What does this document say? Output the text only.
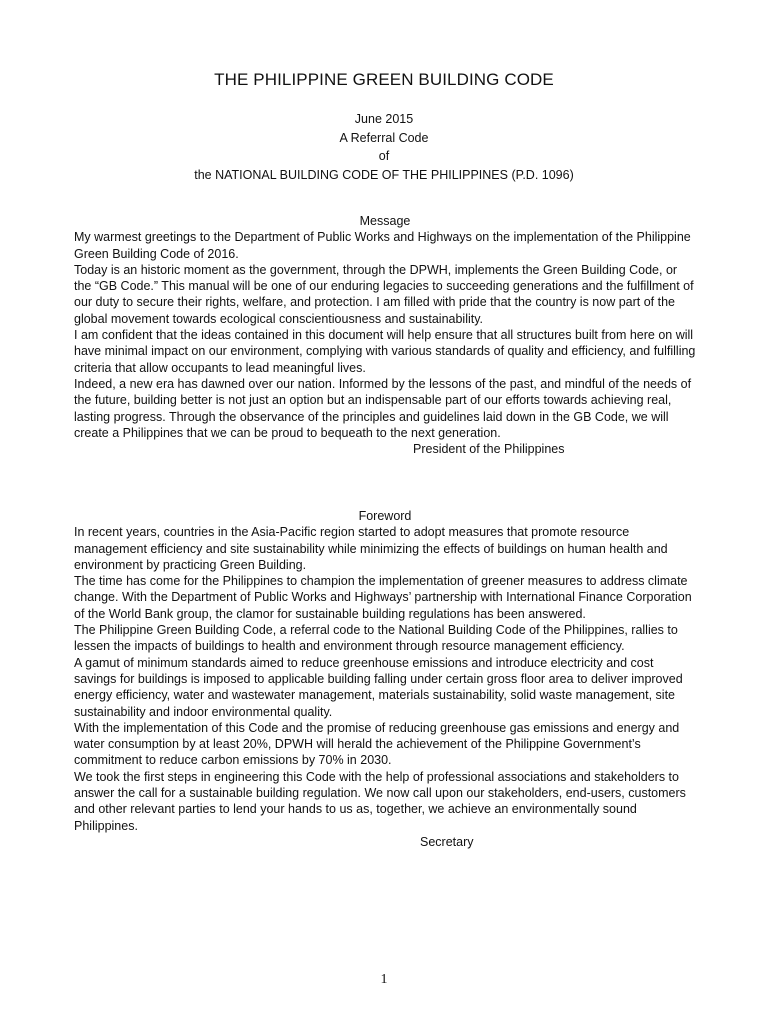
THE PHILIPPINE GREEN BUILDING CODE
June 2015
A Referral Code
of
the NATIONAL BUILDING CODE OF THE PHILIPPINES (P.D. 1096)
Message

My warmest greetings to the Department of Public Works and Highways on the implementation of the Philippine Green Building Code of 2016.

Today is an historic moment as the government, through the DPWH, implements the Green Building Code, or the “GB Code.” This manual will be one of our enduring legacies to succeeding generations and the fulfillment of our duty to secure their rights, welfare, and protection. I am filled with pride that the country is now part of the global movement towards ecological conscientiousness and sustainability.

I am confident that the ideas contained in this document will help ensure that all structures built from here on will have minimal impact on our environment, complying with various standards of quality and efficiency, and fulfilling criteria that allow occupants to lead meaningful lives.

Indeed, a new era has dawned over our nation. Informed by the lessons of the past, and mindful of the needs of the future, building better is not just an option but an indispensable part of our efforts towards achieving real, lasting progress. Through the observance of the principles and guidelines laid down in the GB Code, we will create a Philippines that we can be proud to bequeath to the next generation.

President of the Philippines
Foreword

In recent years, countries in the Asia-Pacific region started to adopt measures that promote resource management efficiency and site sustainability while minimizing the effects of buildings on human health and environment by practicing Green Building.

The time has come for the Philippines to champion the implementation of greener measures to address climate change. With the Department of Public Works and Highways’ partnership with International Finance Corporation of the World Bank group, the clamor for sustainable building regulations has been answered.

The Philippine Green Building Code, a referral code to the National Building Code of the Philippines, rallies to lessen the impacts of buildings to health and environment through resource management efficiency.

A gamut of minimum standards aimed to reduce greenhouse emissions and introduce electricity and cost savings for buildings is imposed to applicable building falling under certain gross floor area to deliver improved energy efficiency, water and wastewater management, materials sustainability, solid waste management, site sustainability and indoor environmental quality.

With the implementation of this Code and the promise of reducing greenhouse gas emissions and energy and water consumption by at least 20%, DPWH will herald the achievement of the Philippine Government’s commitment to reduce carbon emissions by 70% in 2030.

We took the first steps in engineering this Code with the help of professional associations and stakeholders to answer the call for a sustainable building regulation. We now call upon our stakeholders, end-users, customers and other relevant parties to lend your hands to us as, together, we achieve an environmentally sound Philippines.

Secretary
1
